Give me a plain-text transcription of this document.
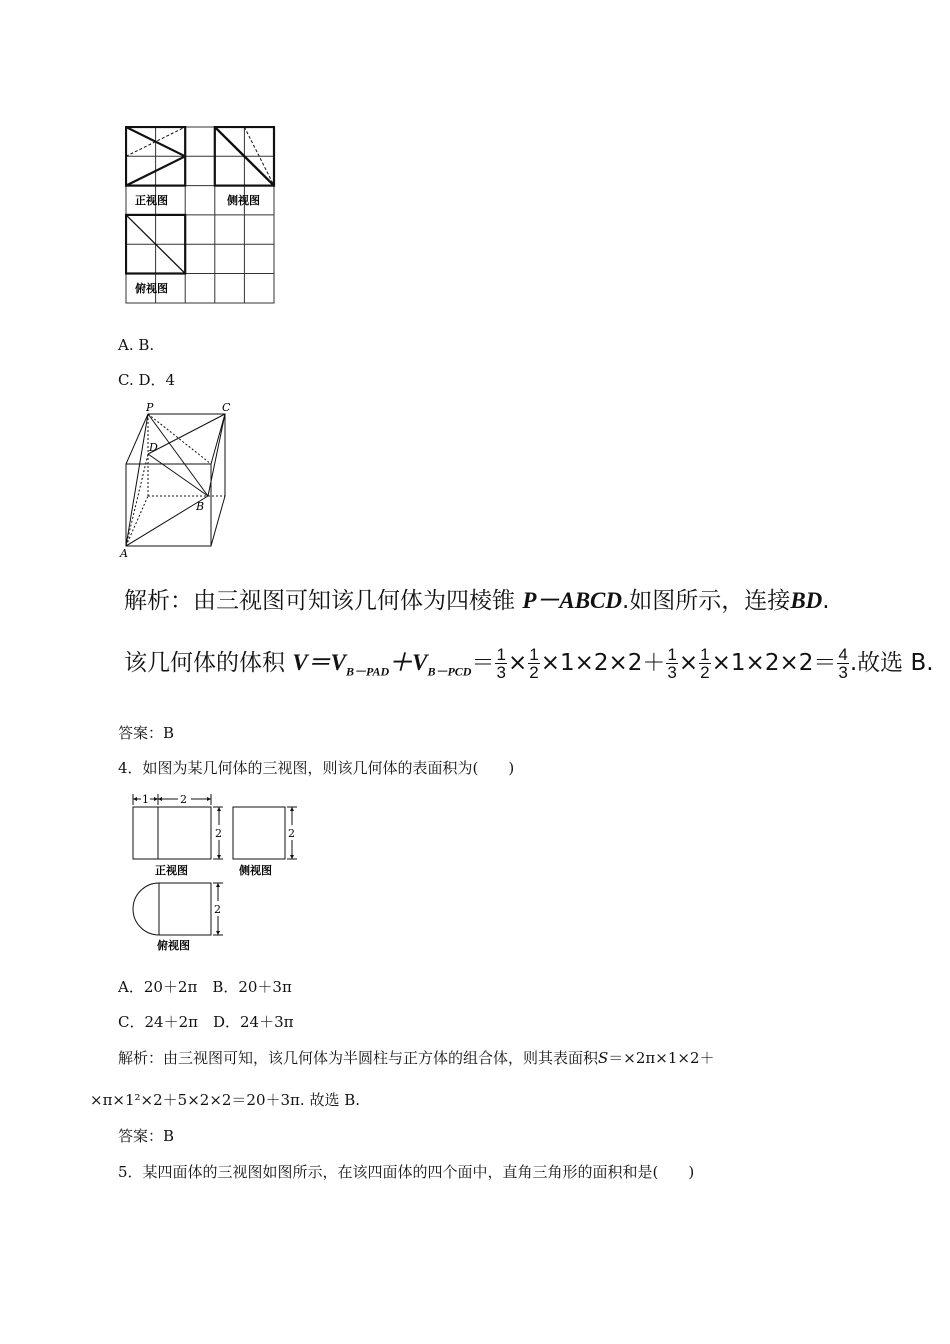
正视图	侧视图
俯视图
A. B.
C. D．4
P	C
D
B
A
解析：由三视图可知该几何体为四棱锥 P－ABCD.如图所示，连接BD.
该几何体的体积 $V=V_{B-PAD}+V_{B-PCD}= \frac{1}{3} \times \frac{1}{2} \times 1\times 2\times 2+ \frac{1}{3} \times \frac{1}{2} \times 1\times 2\times 2= \frac{4}{3}$ .故选 B.
答案：B
4．如图为某几何体的三视图，则该几何体的表面积为(　　)
1	2
2	2
2
正视图	侧视图
俯视图
A．20＋2π　B．20＋3π
C．24＋2π　D．24＋3π
解析：由三视图可知，该几何体为半圆柱与正方体的组合体，则其表面积S＝×2π×1×2＋
×π×1²×2＋5×2×2＝20＋3π. 故选 B.
答案：B
5．某四面体的三视图如图所示，在该四面体的四个面中，直角三角形的面积和是(　　)
